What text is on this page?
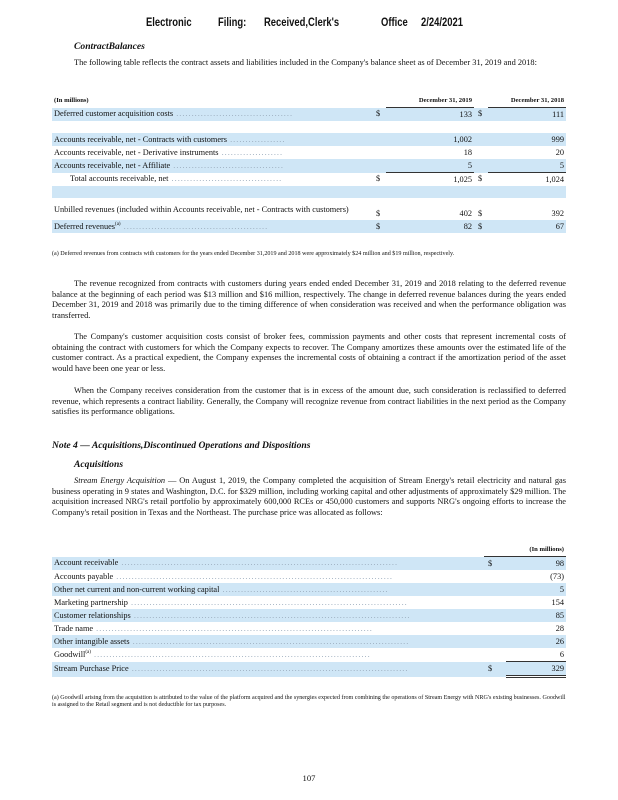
Electronic Filing: Received,Clerk's	Office 2/24/2021
ContractBalances

The following table reflects the contract assets and liabilities included in the Company's balance sheet as of December 31, 2019 and 2018:

(In millions)		December 31, 2019		December 31, 2018
Deferred customer acquisition costs ......................................	$	133	$	111

Accounts receivable, net - Contracts with customers ..................		1,002		999
Accounts receivable, net - Derivative instruments ....................		18		20
Accounts receivable, net - Affiliate ....................................		5		5
Total accounts receivable, net ....................................	$	1,025	$	1,024

Unbilled revenues (included within Accounts receivable, net - Contracts with customers)	$	402	$	392
Deferred revenues$^{(a)}$ ...............................................	$	82	$	67

(a) Deferred revenues from contracts with customers for the years ended December 31,2019 and 2018 were approximately $24 million and $19 million, respectively.

The revenue recognized from contracts with customers during years ended ended December 31, 2019 and 2018 relating to the deferred revenue balance at the beginning of each period was $13 million and $16 million, respectively. The change in deferred revenue balances during the years ended December 31, 2019 and 2018 was primarily due to the timing difference of when consideration was received and when the performance obligation was transferred.

The Company's customer acquisition costs consist of broker fees, commission payments and other costs that represent incremental costs of obtaining the contract with customers for which the Company expects to recover. The Company amortizes these amounts over the estimated life of the customer contract. As a practical expedient, the Company expenses the incremental costs of obtaining a contract if the amortization period of the asset would have been one year or less.

When the Company receives consideration from the customer that is in excess of the amount due, such consideration is reclassified to deferred revenue, which represents a contract liability. Generally, the Company will recognize revenue from contract liabilities in the next period as the Company satisfies its performance obligations.

Note 4 — Acquisitions,Discontinued Operations and Dispositions
Acquisitions

Stream Energy Acquisition — On August 1, 2019, the Company completed the acquisition of Stream Energy's retail electricity and natural gas business operating in 9 states and Washington, D.C. for $329 million, including working capital and other adjustments of approximately $29 million. The acquisition increased NRG's retail portfolio by approximately 600,000 RCEs or 450,000 customers and supports NRG's ongoing efforts to increase the Company's retail position in Texas and the Northeast. The purchase price was allocated as follows:

	(In millions)	
Account receivable ..........................................................................................	$	98
Accounts payable ..........................................................................................		(73)
Other net current and non-current working capital ......................................................		5
Marketing partnership ..........................................................................................		154
Customer relationships ..........................................................................................		85
Trade name ..........................................................................................		28
Other intangible assets ..........................................................................................		26
Goodwill$^{(a)}$ ..........................................................................................		6
Stream Purchase Price ..........................................................................................	$	329

(a) Goodwill arising from the acquisition is attributed to the value of the platform acquired and the synergies expected from combining the operations of Stream Energy with NRG's existing businesses. Goodwill is assigned to the Retail segment and is not deductible for tax purposes.

107
